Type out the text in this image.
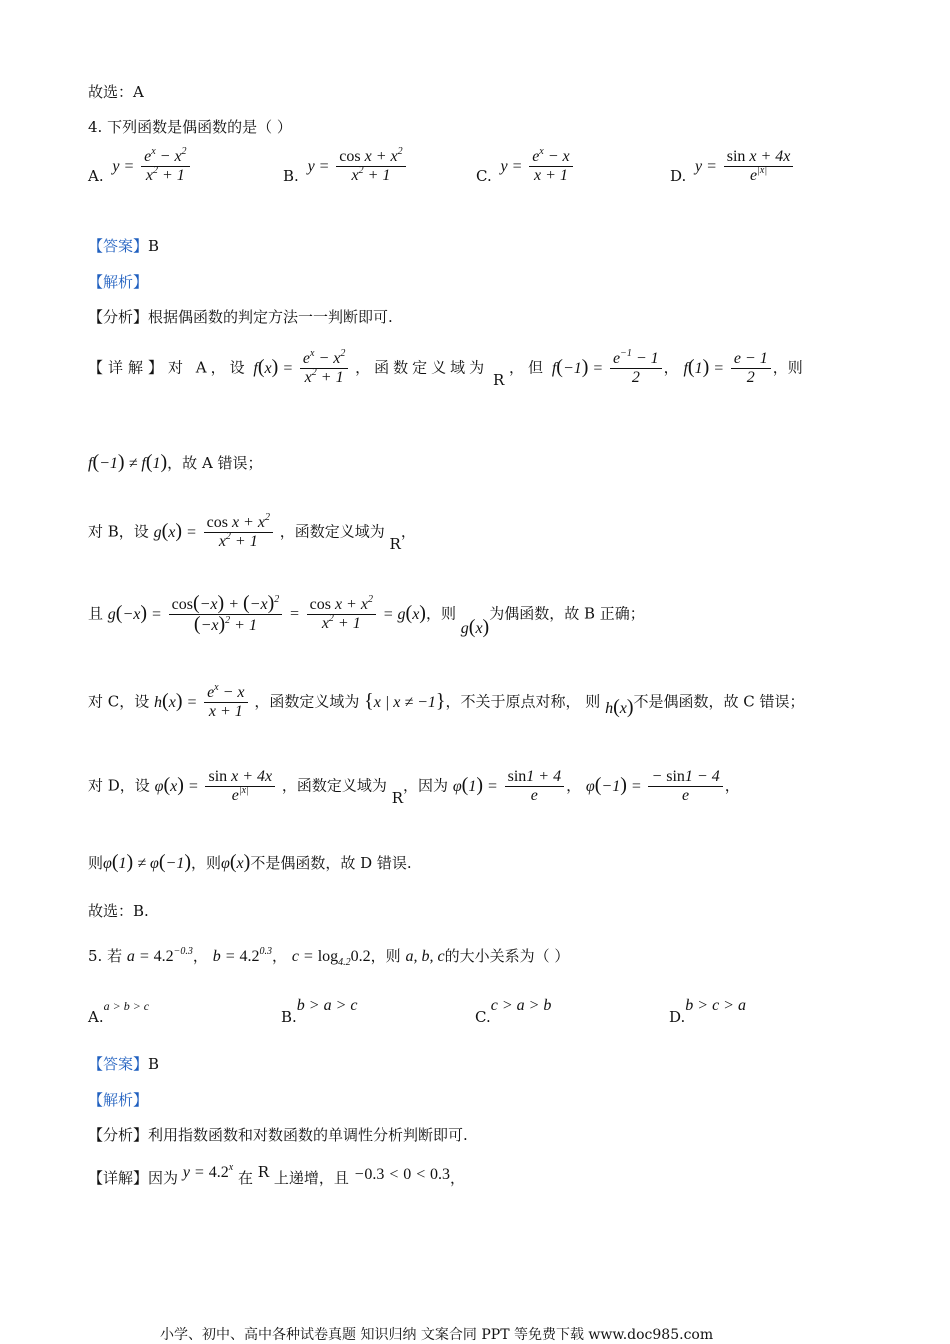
故选：A
4. 下列函数是偶函数的是（ ）
A. $y = \frac{e^x - x^2}{x^2 + 1}$	B. $y = \frac{\cos x + x^2}{x^2 + 1}$	C. $y = \frac{e^x - x}{x + 1}$	D. $y = \frac{\text{sin x + 4x}}{e^{|x|}}$
【答案】B
【解析】
【分析】根据偶函数的判定方法一一判断即可.
【详解】对 A，设 $f(x) = \frac{e^x - x^2}{x^2 + 1}$ ，函数定义域为 R ，但 $f(-1) = \frac{e^{-1} - 1}{2}$ ， $f(1) = \frac{e - 1}{2}$ ，则
f(−1) ≠ f(1)，故 A 错误；
对 B，设 $g(x) = \frac{\cos x + x^2}{x^2 + 1}$ ，函数定义域为 R，
且 $g(-x) = \frac{\cos(-x) + (-x)^2}{(-x)^2 + 1} = \frac{\cos x + x^2}{x^2 + 1} = g(x)$，则 g(x)为偶函数，故 B 正确；
对 C，设 $h(x) = \frac{e^x - x}{x + 1}$ ，函数定义域为 {x | x ≠ −1}，不关于原点对称， 则 h(x)不是偶函数，故 C 错误；
对 D，设 $\varphi(x) = \frac{\text{sin x + 4x}}{e^{|x|}}$ ，函数定义域为 R，因为 $\varphi(1) = \frac{\sin 1 + 4}{e}$ ， $\varphi(-1) = \frac{- \sin 1 - 4}{e}$ ，
则φ(1) ≠ φ(−1)，则φ(x)不是偶函数，故 D 错误.
故选：B.
5. 若 $a = 4.2^{-0.3}$， $b = 4.2^{0.3}$， $c = \log_{4.2}0.2$，则 a, b, c的大小关系为（ ）
A.a > b > c
B.b > a > c
C.c > a > b
D.b > c > a
【答案】B
【解析】
【分析】利用指数函数和对数函数的单调性分析判断即可.
【详解】因为 $y = 4.2^x$ 在 R 上递增，且 −0.3 < 0 < 0.3，
小学、初中、高中各种试卷真题 知识归纳 文案合同 PPT 等免费下载 www.doc985.com
